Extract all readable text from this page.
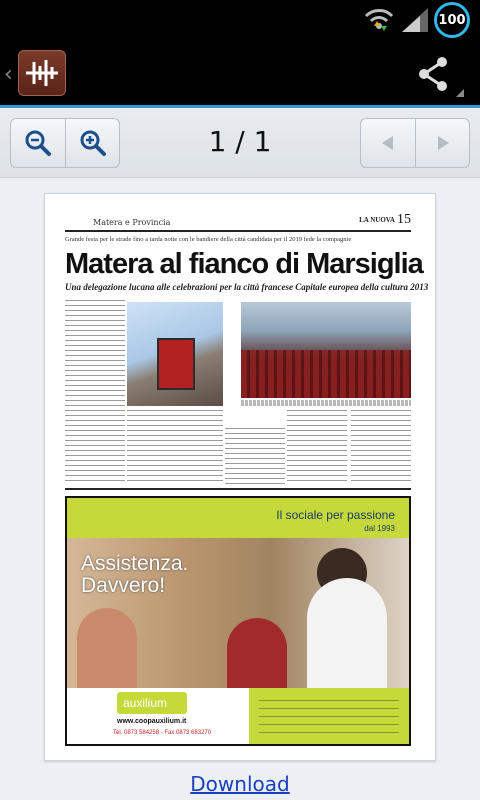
100
‹
1 / 1
Matera e Provincia	LA NUOVA 15
Grande festa per le strade fino a tarda notte con le bandiere della città candidata per il 2019 fede la compagnie
Matera al fianco di Marsiglia
Una delegazione lucana alle celebrazioni per la città francese Capitale europea della cultura 2013
Il sociale per passione
dal 1993
Assistenza.
Davvero!
auxilium
www.coopauxilium.it
Tel. 0873 584258 - Fax 0873 683270
Download
